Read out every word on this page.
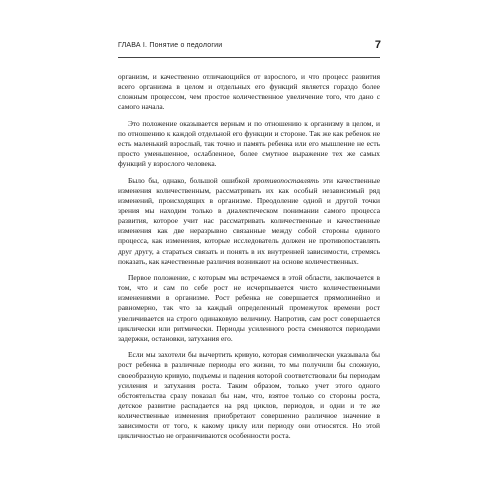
ГЛАВА I. Понятие о педологии	7

организм, и качественно отличающийся от взрослого, и что процесс развития всего организма в целом и отдельных его функций является гораздо более сложным процессом, чем простое количественное увеличение того, что дано с самого начала.

Это положение оказывается верным и по отношению к организму в целом, и по отношению к каждой отдельной его функции и стороне. Так же как ребенок не есть маленький взрослый, так точно и память ребенка или его мышление не есть просто уменьшенное, ослабленное, более смутное выражение тех же самых функций у взрослого человека.

Было бы, однако, большой ошибкой противопоставлять эти качественные изменения количественным, рассматривать их как особый независимый ряд изменений, происходящих в организме. Преодоление одной и другой точки зрения мы находим только в диалектическом понимании самого процесса развития, которое учит нас рассматривать количественные и качественные изменения как две неразрывно связанные между собой стороны единого процесса, как изменения, которые исследователь должен не противопоставлять друг другу, а стараться связать и понять в их внутренней зависимости, стремясь показать, как качественные различия возникают на основе количественных.

Первое положение, с которым мы встречаемся в этой области, заключается в том, что и сам по себе рост не исчерпывается чисто количественными изменениями в организме. Рост ребенка не совершается прямолинейно и равномерно, так что за каждый определенный промежуток времени рост увеличивается на строго одинаковую величину. Напротив, сам рост совершается циклически или ритмически. Периоды усиленного роста сменяются периодами задержки, остановки, затухания его.

Если мы захотели бы вычертить кривую, которая символически указывала бы рост ребенка в различные периоды его жизни, то мы получили бы сложную, своеобразную кривую, подъемы и падения которой соответствовали бы периодам усиления и затухания роста. Таким образом, только учет этого одного обстоятельства сразу показал бы нам, что, взятое только со стороны роста, детское развитие распадается на ряд циклов, периодов, и одни и те же количественные изменения приобретают совершенно различное значение в зависимости от того, к какому циклу или периоду они относятся. Но этой цикличностью не ограничиваются особенности роста.
